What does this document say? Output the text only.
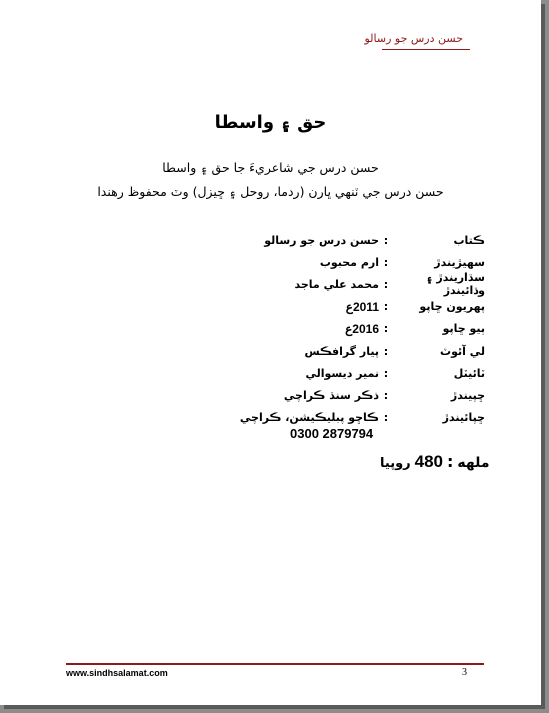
حسن درس جو رسالو
حق ۽ واسطا
حسن درس جي شاعريءَ جا حق ۽ واسطا
حسن درس جي ٽنهي ڀارن (ردما، روحل ۽ ڇيزل) وٽ محفوظ رهندا
ڪتاب
:
حسن درس جو رسالو
سهيڙيندڙ
:
ارم محبوب
سڌاريندڙ ۽ وڌائيندڙ
:
محمد علي ماجد
پهريون ڇاپو
:
2011ع
ٻيو ڇاپو
:
2016ع
لي آئوٽ
:
پيار گرافڪس
ٽائيٽل
:
نمير ديسوالي
ڇپيندڙ
:
ذڪر سنڌ ڪراچي
ڇپائيندڙ
:
ڪاڇو پبليڪيشن، ڪراچي
0300 2879794
ملهه
:
480
روپيا
www.sindhsalamat.com	3
